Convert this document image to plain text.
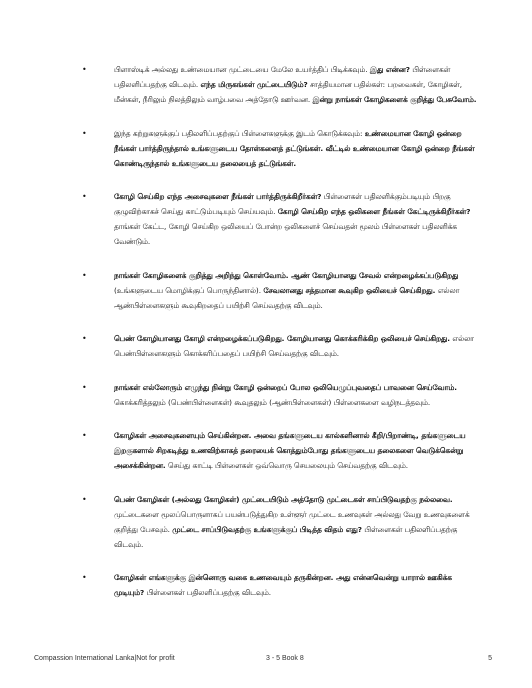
•	பிளாஸ்டிக் அல்லது உண்மையான முட்டையை மேலே உயர்த்திப் பிடிக்கவும். இது என்ன? பிள்ளைகள் பதிலளிப்பதற்கு விடவும். எந்த மிருகங்கள் முட்டையிடும்? சாத்தியமான பதில்கள்: பறவைகள், கோழிகள், மீன்கள், நீரிலும் நிலத்திலும் வாழ்பவை அத்தோடு ஊர்வன. இன்று நாங்கள் கோழிகளைக் குறித்து பேசுவோம்.
•	இந்த கற்றுகளுக்குப் பதிலளிப்பதற்குப் பிள்ளைகளுக்கு இடம் கொடுக்கவும்: உண்மையான கோழி ஒன்றை நீங்கள் பார்த்திருந்தால் உங்களுடைய தோள்களைத் தட்டுங்கள். வீட்டில் உண்மையான கோழி ஒன்றை நீங்கள் கொண்டிருந்தால் உங்களுடைய தலையைத் தட்டுங்கள்.
•	கோழி செய்கிற எந்த அசைவுகளை நீங்கள் பார்த்திருக்கிறீர்கள்? பிள்ளைகள் பதிலளிக்கும்படியும் பிறகு குழுவிற்காகச் செய்து காட்டும்படியும் செய்யவும். கோழி செய்கிற எந்த ஒலிகளை நீங்கள் கேட்டிருக்கிறீர்கள்? தாங்கள் கேட்ட, கோழி செய்கிற ஒலியைப் போன்ற ஒலிகளைச் செய்வதன் மூலம் பிள்ளைகள் பதிலளிக்க வேண்டும்.
•	நாங்கள் கோழிகளைக் குறித்து அறிந்து கொள்வோம். ஆண் கோழியானது சேவல் என்றழைக்கப்படுகிறது (உங்களுடைய மொழிக்குப் பொருந்தினால்). சேவலானது சத்தமான கூவுகிற ஒலியைச் செய்கிறது. எல்லா ஆண்பிள்ளைகளும் கூவுகிறதைப் பயிற்சி செய்வதற்கு விடவும்.
•	பெண் கோழியானது கோழி என்றழைக்கப்படுகிறது. கோழியானது கொக்கரிக்கிற ஒலியைச் செய்கிறது. எல்லா பெண்பிள்ளைகளும் கொக்கரிப்பதைப் பயிற்சி செய்வதற்கு விடவும்.
•	நாங்கள் எல்லோரும் எழுந்து நின்று கோழி ஒன்றைப் போல ஒலியெழுப்புவதைப் பாவனை செய்வோம். கொக்கரித்தலும் (பெண்பிள்ளைகள்) கூவுதலும் (ஆண்பிள்ளைகள்) பிள்ளைகளை வழிநடத்தவும்.
•	கோழிகள் அசைவுகளையும் செய்கின்றன. அவை தங்களுடைய கால்களினால் கீறி/பிறாண்டி, தங்களுடைய இறகுகளால் சிறகடித்து உணவிற்காகத் தரையைக் கொத்தும்போது தங்களுடைய தலைகளை வெடுக்கென்று அசைக்கின்றன. செய்து காட்டி பிள்ளைகள் ஒவ்வொரு செயலையும் செய்வதற்கு விடவும்.
•	பெண் கோழிகள் (அல்லது கோழிகள்) முட்டையிடும் அத்தோடு முட்டைகள் சாப்பிடுவதற்கு நல்லவை. முட்டைகளை மூலப்பொருளாகப் பயன்படுத்துகிற உள்ளூர் முட்டை உணவுகள் அல்லது வேறு உணவுகளைக் குறித்து பேசவும். முட்டை சாப்பிடுவதற்கு உங்களுக்குப் பிடித்த விதம் எது? பிள்ளைகள் பதிலளிப்பதற்கு விடவும்.
•	கோழிகள் எங்களுக்கு இன்னொரு வகை உணவையும் தருகின்றன. அது என்னவென்று யாரால் ஊகிக்க முடியும்? பிள்ளைகள் பதிலளிப்பதற்கு விடவும்.
Compassion International Lanka|Not for profit	3 - 5 Book 8	5
